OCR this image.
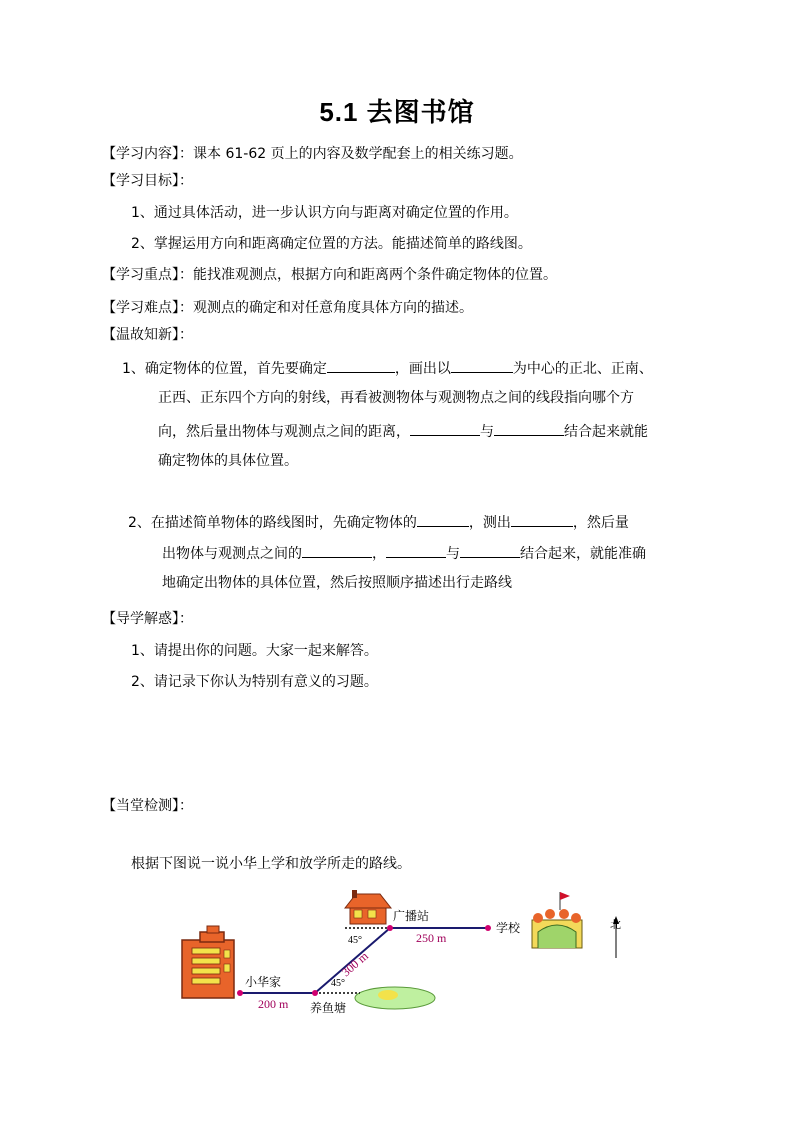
5.1 去图书馆
【学习内容】：课本 61-62 页上的内容及数学配套上的相关练习题。
【学习目标】：
1、通过具体活动，进一步认识方向与距离对确定位置的作用。
2、掌握运用方向和距离确定位置的方法。能描述简单的路线图。
【学习重点】：能找准观测点，根据方向和距离两个条件确定物体的位置。
【学习难点】：观测点的确定和对任意角度具体方向的描述。
【温故知新】：
1、确定物体的位置，首先要确定	，画出以	为中心的正北、正南、
正西、正东四个方向的射线，再看被测物体与观测物点之间的线段指向哪个方
向，然后量出物体与观测点之间的距离，	与	结合起来就能
确定物体的具体位置。
2、在描述简单物体的路线图时，先确定物体的	，测出	，然后量
出物体与观测点之间的	，	与	结合起来，就能准确
地确定出物体的具体位置，然后按照顺序描述出行走路线
【导学解惑】：
1、请提出你的问题。大家一起来解答。
2、请记录下你认为特别有意义的习题。
【当堂检测】：
根据下图说一说小华上学和放学所走的路线。
小华家
200 m 养鱼塘
45°
300 m
45°
广播站
250 m
学校	北
